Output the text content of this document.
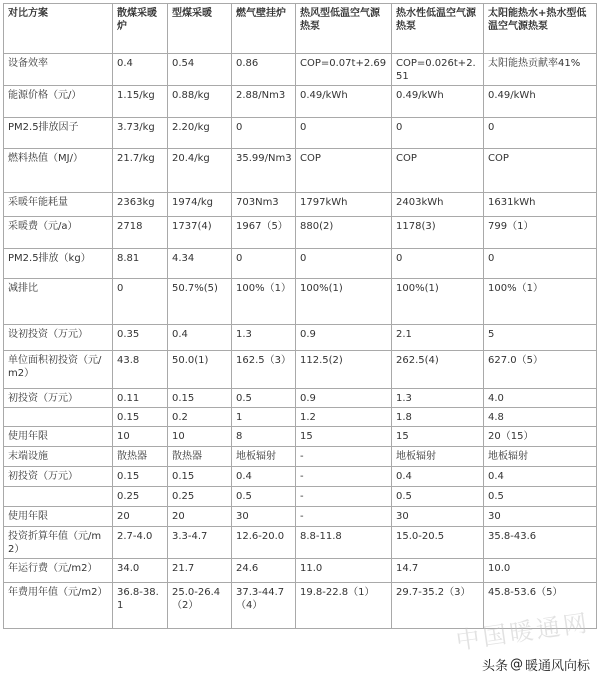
对比方案	散煤采暖炉	型煤采暖	燃气壁挂炉	热风型低温空气源热泵	热水性低温空气源热泵	太阳能热水+热水型低温空气源热泵
设备效率	0.4	0.54	0.86	COP=0.07t+2.69	COP=0.026t+2.51	太阳能热贡献率41%
能源价格（元/）	1.15/kg	0.88/kg	2.88/Nm3	0.49/kWh	0.49/kWh	0.49/kWh
PM2.5排放因子	3.73/kg	2.20/kg	0	0	0	0
燃料热值（MJ/）	21.7/kg	20.4/kg	35.99/Nm3	COP	COP	COP
采暖年能耗量	2363kg	1974/kg	703Nm3	1797kWh	2403kWh	1631kWh
采暖费（元/a）	2718	1737(4)	1967（5）	880(2)	1178(3)	799（1）
PM2.5排放（kg）	8.81	4.34	0	0	0	0
减排比	0	50.7%(5)	100%（1）	100%(1)	100%(1)	100%（1）
设初投资（万元）	0.35	0.4	1.3	0.9	2.1	5
单位面积初投资（元/m2）	43.8	50.0(1)	162.5（3）	112.5(2)	262.5(4)	627.0（5）
初投资（万元）	0.11	0.15	0.5	0.9	1.3	4.0
	0.15	0.2	1	1.2	1.8	4.8
使用年限	10	10	8	15	15	20（15）
末端设施	散热器	散热器	地板辐射	-	地板辐射	地板辐射
初投资（万元）	0.15	0.15	0.4	-	0.4	0.4
	0.25	0.25	0.5	-	0.5	0.5
使用年限	20	20	30	-	30	30
投资折算年值（元/m2）	2.7-4.0	3.3-4.7	12.6-20.0	8.8-11.8	15.0-20.5	35.8-43.6
年运行费（元/m2）	34.0	21.7	24.6	11.0	14.7	10.0
年费用年值（元/m2）	36.8-38.1	25.0-26.4（2）	37.3-44.7（4）	19.8-22.8（1）	29.7-35.2（3）	45.8-53.6（5）
中国暖通网
头条 @ 暖通风向标
